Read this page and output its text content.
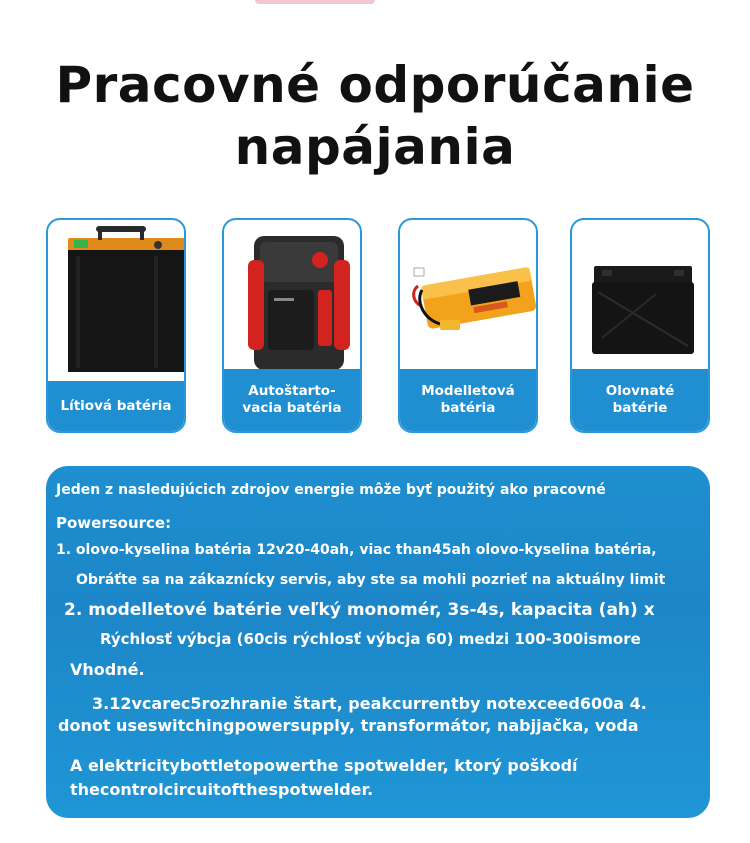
Pracovné odporúčanie
napájania
Lítiová batéria
Autoštarto-
vacia batéria
Modelletová
batéria
Olovnaté
batérie
Jeden z nasledujúcich zdrojov energie môže byť použitý ako pracovné
Powersource:
1. olovo-kyselina batéria 12v20-40ah, viac than45ah olovo-kyselina batéria,
Obráťte sa na zákaznícky servis, aby ste sa mohli pozrieť na aktuálny limit
2. modelletové batérie veľký monomér, 3s-4s, kapacita (ah) x
Rýchlosť výbcja (60cis rýchlosť výbcja 60) medzi 100-300ismore
Vhodné.
3.12vcarec5rozhranie štart, peakcurrentby notexceed600a 4.
donot useswitchingpowersupply, transformátor, nabjjačka, voda
A elektricitybottletopowerthe spotwelder, ktorý poškodí
thecontrolcircuitofthespotwelder.
